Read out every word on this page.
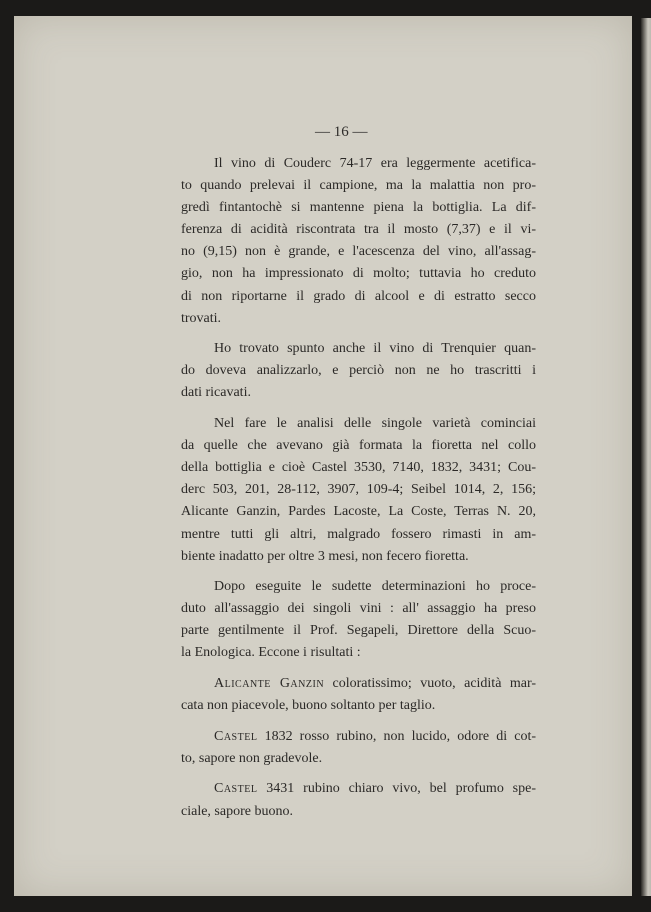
— 16 —
Il vino di Couderc 74-17 era leggermente acetifica-
to quando prelevai il campione, ma la malattia non pro-
gredì fintantochè si mantenne piena la bottiglia. La dif-
ferenza di acidità riscontrata tra il mosto (7,37) e il vi-
no (9,15) non è grande, e l'acescenza del vino, all'assag-
gio, non ha impressionato di molto; tuttavia ho creduto
di non riportarne il grado di alcool e di estratto secco
trovati.
Ho trovato spunto anche il vino di Trenquier quan-
do doveva analizzarlo, e perciò non ne ho trascritti i
dati ricavati.
Nel fare le analisi delle singole varietà cominciai
da quelle che avevano già formata la fioretta nel collo
della bottiglia e cioè Castel 3530, 7140, 1832, 3431; Cou-
derc 503, 201, 28-112, 3907, 109-4; Seibel 1014, 2, 156;
Alicante Ganzin, Pardes Lacoste, La Coste, Terras N. 20,
mentre tutti gli altri, malgrado fossero rimasti in am-
biente inadatto per oltre 3 mesi, non fecero fioretta.
Dopo eseguite le sudette determinazioni ho proce-
duto all'assaggio dei singoli vini : all' assaggio ha preso
parte gentilmente il Prof. Segapeli, Direttore della Scuo-
la Enologica. Eccone i risultati :
Alicante Ganzin coloratissimo; vuoto, acidità mar-
cata non piacevole, buono soltanto per taglio.
Castel 1832 rosso rubino, non lucido, odore di cot-
to, sapore non gradevole.
Castel 3431 rubino chiaro vivo, bel profumo spe-
ciale, sapore buono.
